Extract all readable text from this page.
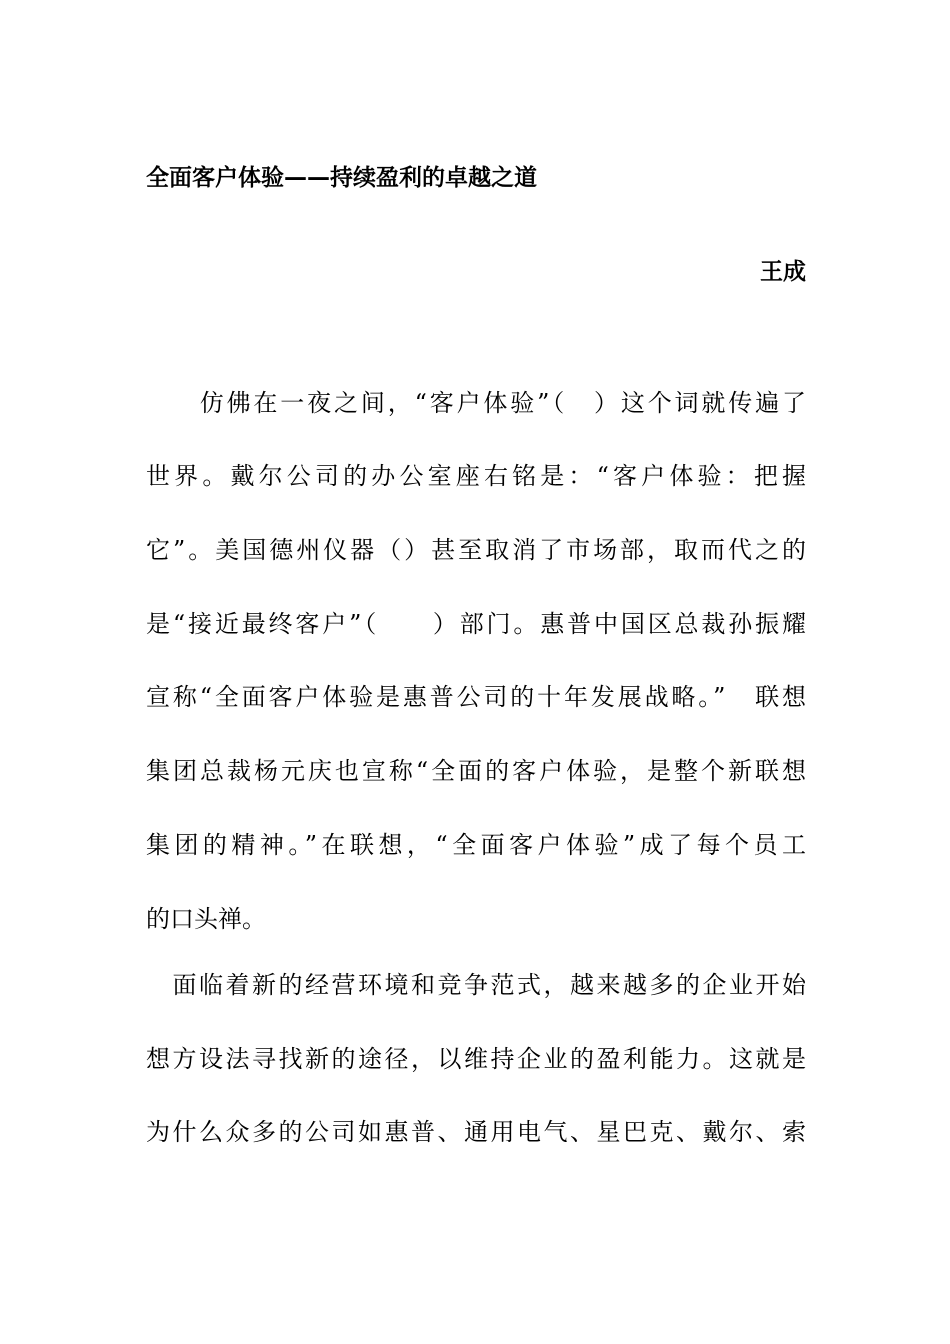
全面客户体验——持续盈利的卓越之道
王成
　　仿佛在一夜之间，“客户体验”（　）这个词就传遍了
世界。戴尔公司的办公室座右铭是：“客户体验：把握
它”。美国德州仪器（）甚至取消了市场部，取而代之的
是“接近最终客户”（　　）部门。惠普中国区总裁孙振耀
宣称“全面客户体验是惠普公司的十年发展战略。”　联想
集团总裁杨元庆也宣称“全面的客户体验，是整个新联想
集团的精神。”在联想，“全面客户体验”成了每个员工
的口头禅。
　面临着新的经营环境和竞争范式，越来越多的企业开始
想方设法寻找新的途径，以维持企业的盈利能力。这就是
为什么众多的公司如惠普、通用电气、星巴克、戴尔、索
